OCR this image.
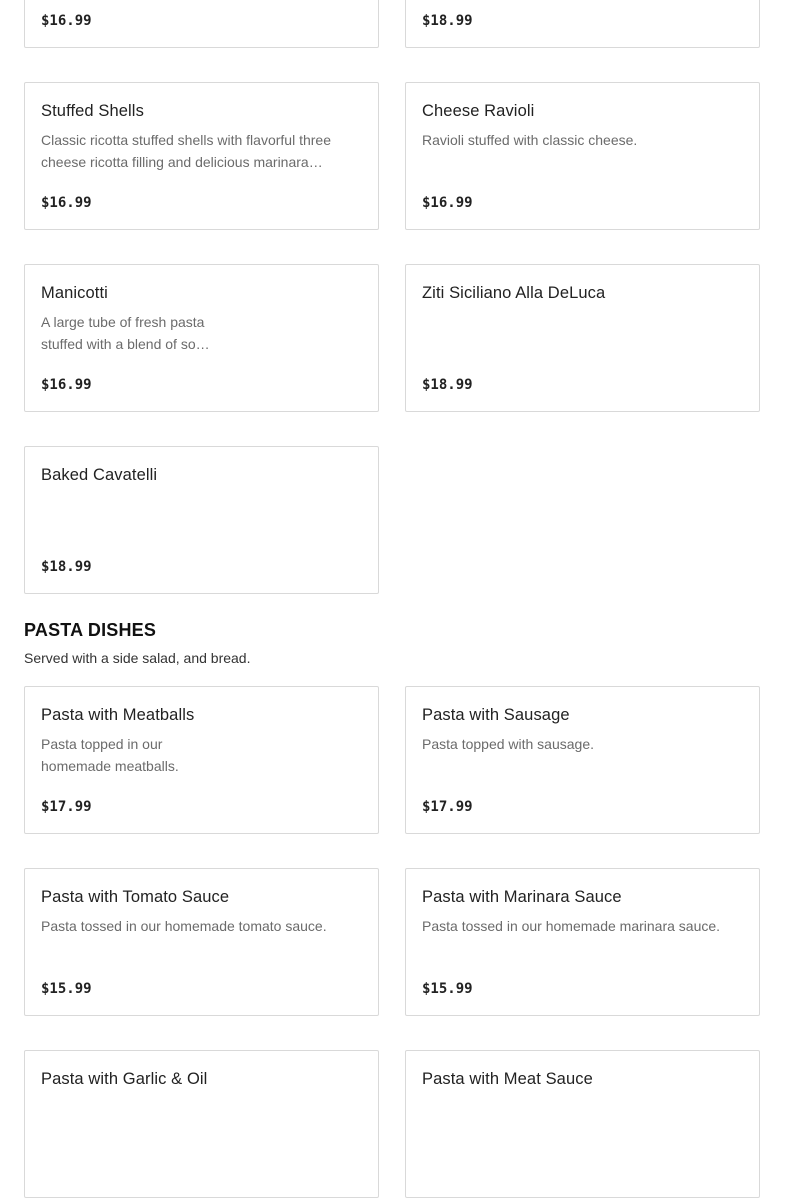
$16.99	$18.99
Stuffed Shells
Classic ricotta stuffed shells with flavorful three cheese ricotta filling and delicious marinara…
$16.99
Cheese Ravioli
Ravioli stuffed with classic cheese.
$16.99
Manicotti
A large tube of fresh pasta stuffed with a blend of so…
$16.99
Ziti Siciliano Alla DeLuca
$18.99
Baked Cavatelli
$18.99
PASTA DISHES
Served with a side salad, and bread.
Pasta with Meatballs
Pasta topped in our homemade meatballs.
$17.99
Pasta with Sausage
Pasta topped with sausage.
$17.99
Pasta with Tomato Sauce
Pasta tossed in our homemade tomato sauce.
$15.99
Pasta with Marinara Sauce
Pasta tossed in our homemade marinara sauce.
$15.99
Pasta with Garlic & Oil	Pasta with Meat Sauce
